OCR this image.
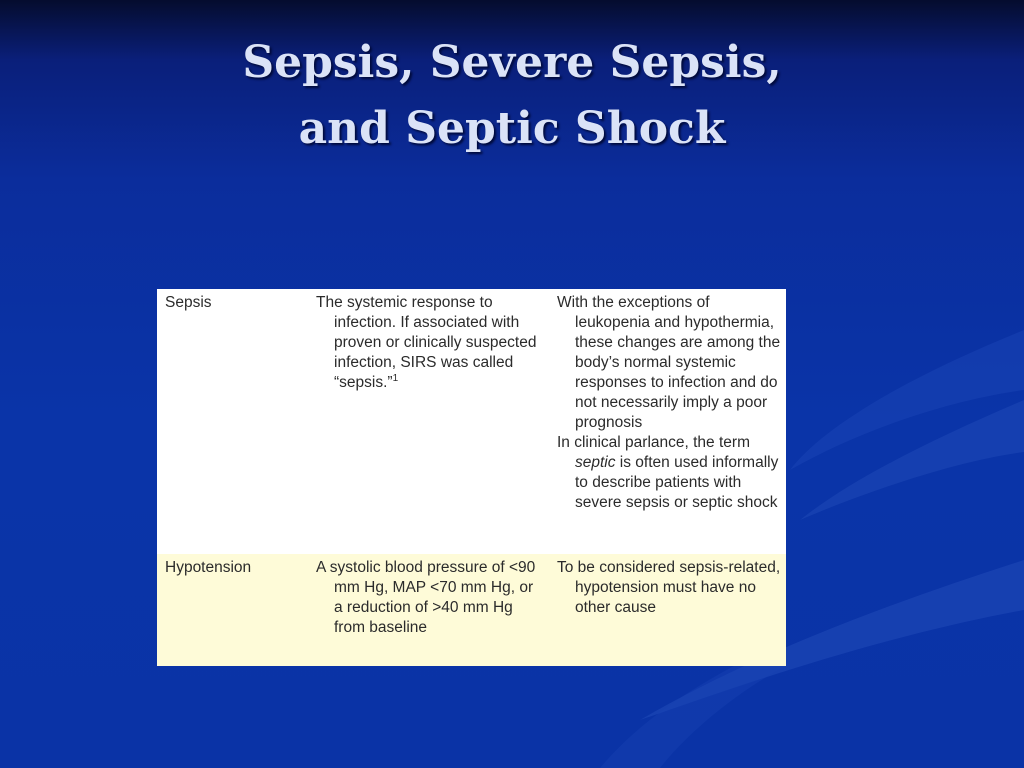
Sepsis, Severe Sepsis,
and Septic Shock
Sepsis	The systemic response to infection. If associated with proven or clinically suspected infection, SIRS was called “sepsis.”$^1$

With the exceptions of leukopenia and hypothermia, these changes are among the body’s normal systemic responses to infection and do not necessarily imply a poor prognosis

In clinical parlance, the term septic is often used informally to describe patients with severe sepsis or septic shock

Hypotension	A systolic blood pressure of <90 mm Hg, MAP <70 mm Hg, or a reduction of >40 mm Hg from baseline

To be considered sepsis-related, hypotension must have no other cause
